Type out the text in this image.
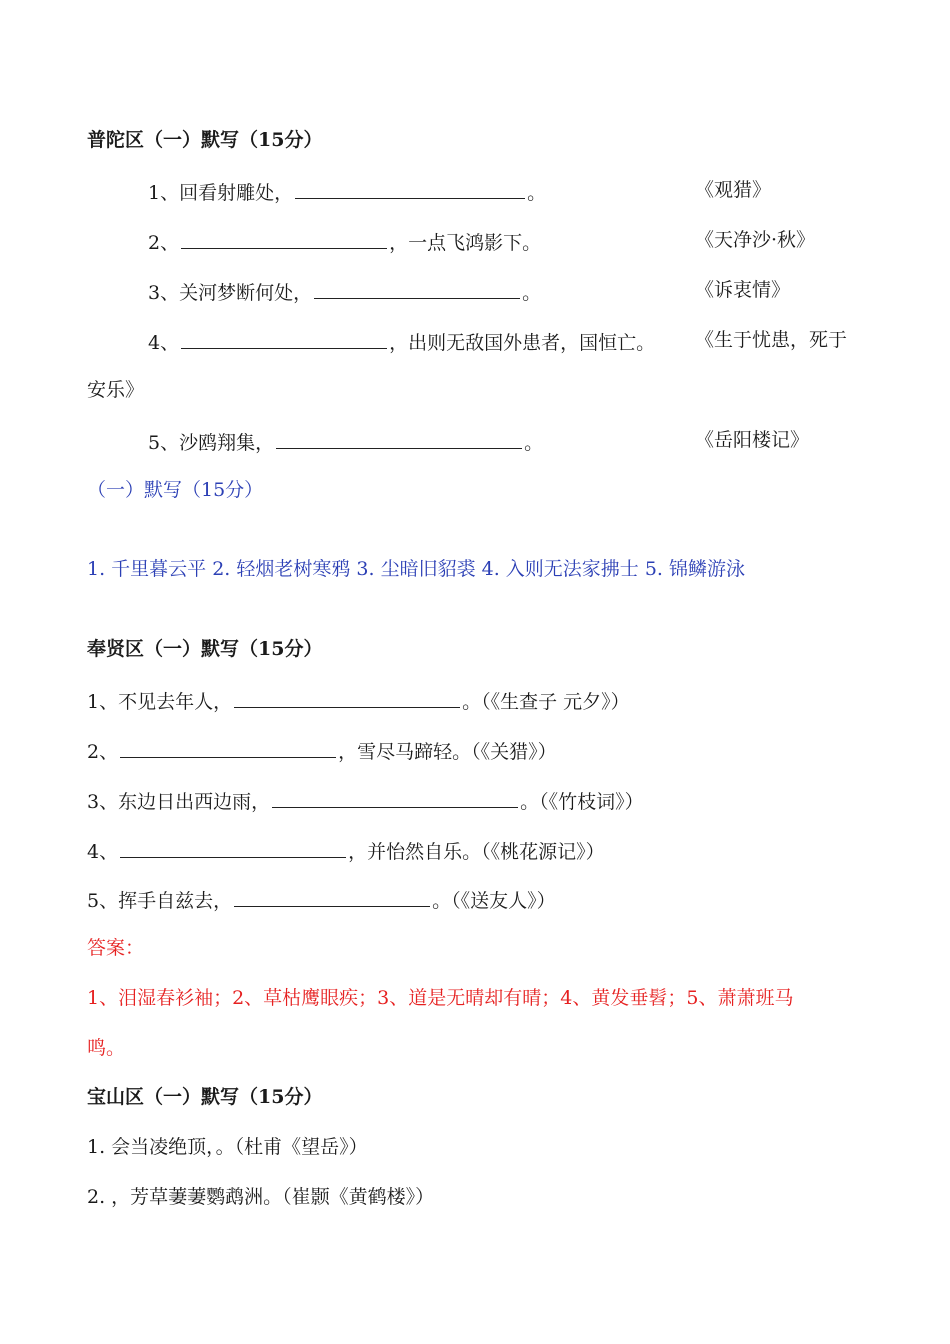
普陀区（一）默写（15分）
1、回看射雕处，	。	《观猎》
2、	，一点飞鸿影下。	《天净沙·秋》
3、关河梦断何处，	。	《诉衷情》
4、	，出则无敌国外患者，国恒亡。 《生于忧患，死于
安乐》
5、沙鸥翔集，	。	《岳阳楼记》
（一）默写（15分）
1. 千里暮云平 2. 轻烟老树寒鸦 3. 尘暗旧貂裘 4. 入则无法家拂士 5. 锦鳞游泳
奉贤区（一）默写（15分）
1、不见去年人，	。（《生查子 元夕》）
2、	，雪尽马蹄轻。（《关猎》）
3、东边日出西边雨，	。（《竹枝词》）
4、	，并怡然自乐。（《桃花源记》）
5、挥手自兹去，	。（《送友人》）
答案：
1、泪湿春衫袖；2、草枯鹰眼疾；3、道是无晴却有晴；4、黄发垂髫；5、萧萧班马
鸣。
宝山区（一）默写（15分）
1. 会当凌绝顶，。（杜甫《望岳》）
2. ，芳草萋萋鹦鹉洲。（崔颢《黄鹤楼》）
